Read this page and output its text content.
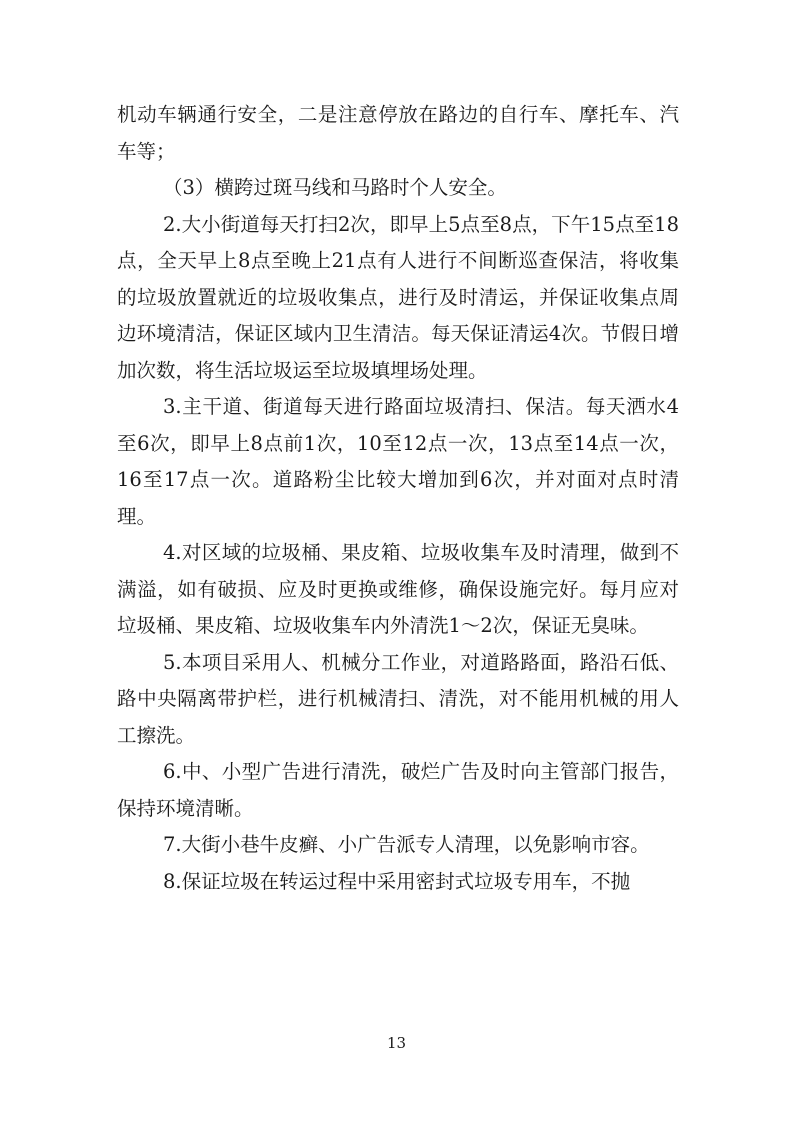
机动车辆通行安全，二是注意停放在路边的自行车、摩托车、汽车等；

（3）横跨过斑马线和马路时个人安全。

2.大小街道每天打扫2次，即早上5点至8点，下午15点至18点，全天早上8点至晚上21点有人进行不间断巡查保洁，将收集的垃圾放置就近的垃圾收集点，进行及时清运，并保证收集点周边环境清洁，保证区域内卫生清洁。每天保证清运4次。节假日增加次数，将生活垃圾运至垃圾填埋场处理。

3.主干道、街道每天进行路面垃圾清扫、保洁。每天洒水4至6次，即早上8点前1次，10至12点一次，13点至14点一次，16至17点一次。道路粉尘比较大增加到6次，并对面对点时清理。

4.对区域的垃圾桶、果皮箱、垃圾收集车及时清理，做到不满溢，如有破损、应及时更换或维修，确保设施完好。每月应对垃圾桶、果皮箱、垃圾收集车内外清洗1～2次，保证无臭味。

5.本项目采用人、机械分工作业，对道路路面，路沿石低、路中央隔离带护栏，进行机械清扫、清洗，对不能用机械的用人工擦洗。

6.中、小型广告进行清洗，破烂广告及时向主管部门报告，保持环境清晰。

7.大街小巷牛皮癣、小广告派专人清理，以免影响市容。

8.保证垃圾在转运过程中采用密封式垃圾专用车，不抛

13
